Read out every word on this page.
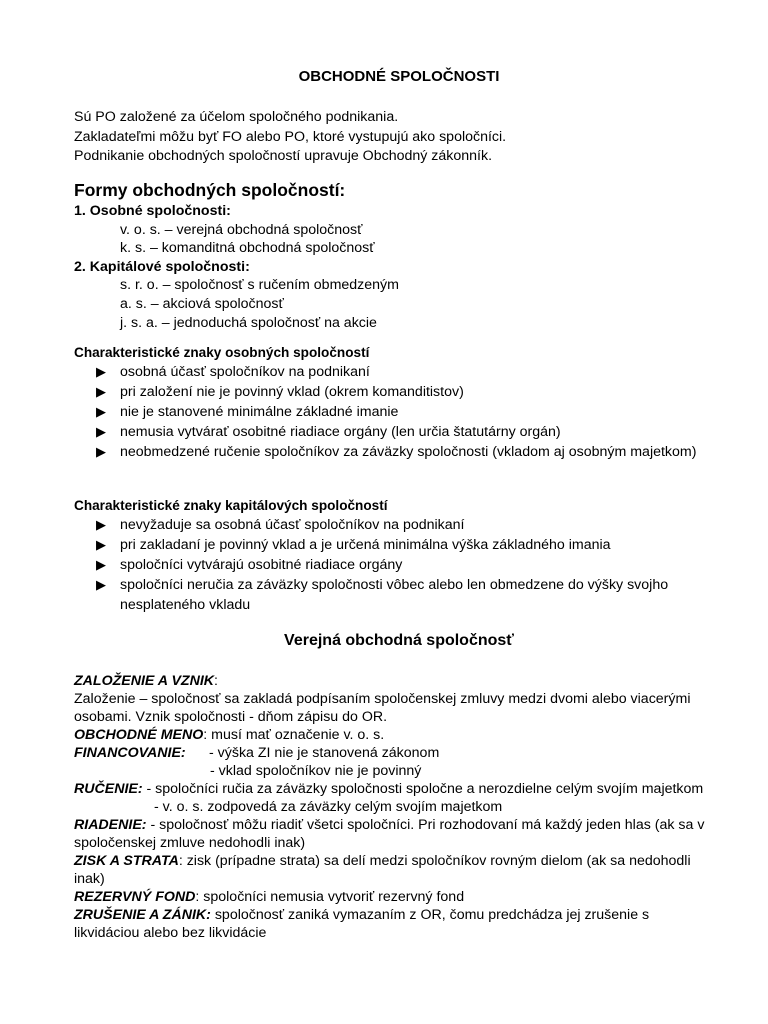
OBCHODNÉ SPOLOČNOSTI
Sú PO založené za účelom spoločného podnikania.
Zakladateľmi môžu byť FO alebo PO, ktoré vystupujú ako spoločníci.
Podnikanie obchodných spoločností upravuje Obchodný zákonník.
Formy obchodných spoločností:
1. Osobné spoločnosti:
v. o. s. – verejná obchodná spoločnosť
k. s. – komanditná obchodná spoločnosť
2. Kapitálové spoločnosti:
s. r. o. – spoločnosť s ručením obmedzeným
a. s. – akciová spoločnosť
j. s. a. – jednoduchá spoločnosť na akcie
Charakteristické znaky osobných spoločností
▶ osobná účasť spoločníkov na podnikaní
▶ pri založení nie je povinný vklad (okrem komanditistov)
▶ nie je stanovené minimálne základné imanie
▶ nemusia vytvárať osobitné riadiace orgány (len určia štatutárny orgán)
▶ neobmedzené ručenie spoločníkov za záväzky spoločnosti (vkladom aj osobným majetkom)
Charakteristické znaky kapitálových spoločností
▶ nevyžaduje sa osobná účasť spoločníkov na podnikaní
▶ pri zakladaní je povinný vklad a je určená minimálna výška základného imania
▶ spoločníci vytvárajú osobitné riadiace orgány
▶ spoločníci neručia za záväzky spoločnosti vôbec alebo len obmedzene do výšky svojho nesplateného vkladu
Verejná obchodná spoločnosť
ZALOŽENIE A VZNIK:
Založenie – spoločnosť sa zakladá podpísaním spoločenskej zmluvy medzi dvomi alebo viacerými osobami. Vznik spoločnosti - dňom zápisu do OR.
OBCHODNÉ MENO: musí mať označenie v. o. s.
FINANCOVANIE:	- výška ZI nie je stanovená zákonom
- vklad spoločníkov nie je povinný
RUČENIE: - spoločníci ručia za záväzky spoločnosti spoločne a nerozdielne celým svojím majetkom
- v. o. s. zodpovedá za záväzky celým svojím majetkom
RIADENIE: - spoločnosť môžu riadiť všetci spoločníci. Pri rozhodovaní má každý jeden hlas (ak sa v spoločenskej zmluve nedohodli inak)
ZISK A STRATA: zisk (prípadne strata) sa delí medzi spoločníkov rovným dielom (ak sa nedohodli inak)
REZERVNÝ FOND: spoločníci nemusia vytvoriť rezervný fond
ZRUŠENIE A ZÁNIK: spoločnosť zaniká vymazaním z OR, čomu predchádza jej zrušenie s likvidáciou alebo bez likvidácie
